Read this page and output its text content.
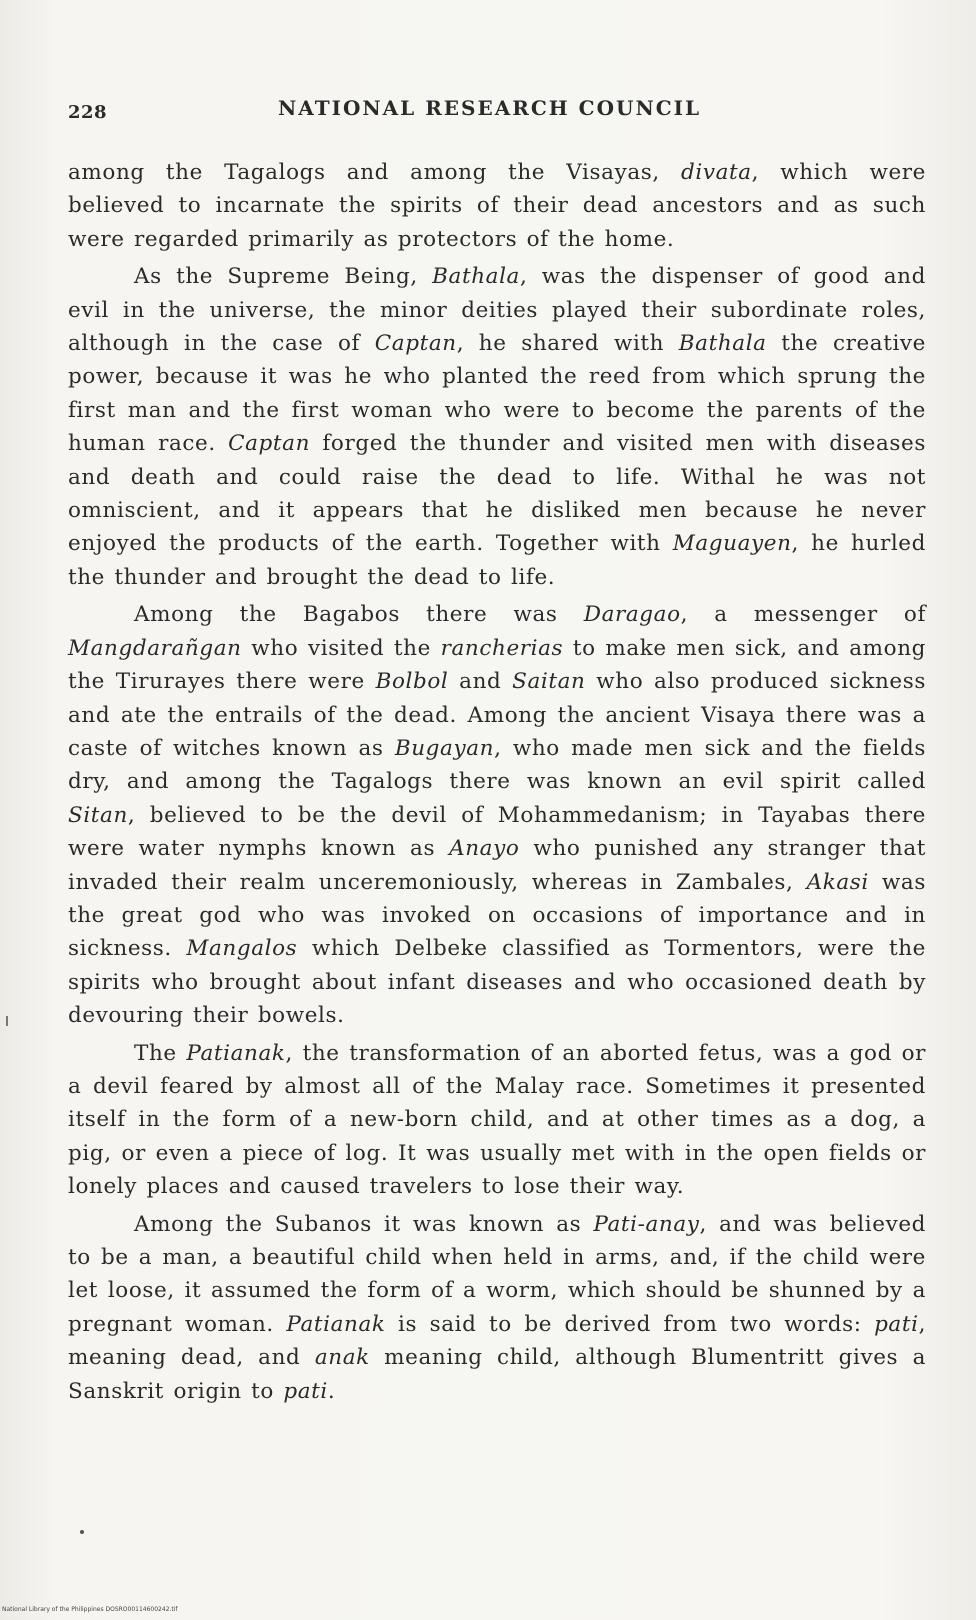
228	NATIONAL RESEARCH COUNCIL

among the Tagalogs and among the Visayas, divata, which were believed to incarnate the spirits of their dead ancestors and as such were regarded primarily as protectors of the home.

As the Supreme Being, Bathala, was the dispenser of good and evil in the universe, the minor deities played their subordinate roles, although in the case of Captan, he shared with Bathala the creative power, because it was he who planted the reed from which sprung the first man and the first woman who were to become the parents of the human race. Captan forged the thunder and visited men with diseases and death and could raise the dead to life. Withal he was not omniscient, and it appears that he disliked men because he never enjoyed the products of the earth. Together with Maguayen, he hurled the thunder and brought the dead to life.

Among the Bagabos there was Daragao, a messenger of Mangdarañgan who visited the rancherias to make men sick, and among the Tirurayes there were Bolbol and Saitan who also produced sickness and ate the entrails of the dead. Among the ancient Visaya there was a caste of witches known as Bugayan, who made men sick and the fields dry, and among the Tagalogs there was known an evil spirit called Sitan, believed to be the devil of Mohammedanism; in Tayabas there were water nymphs known as Anayo who punished any stranger that invaded their realm unceremoniously, whereas in Zambales, Akasi was the great god who was invoked on occasions of importance and in sickness. Mangalos which Delbeke classified as Tormentors, were the spirits who brought about infant diseases and who occasioned death by devouring their bowels.

The Patianak, the transformation of an aborted fetus, was a god or a devil feared by almost all of the Malay race. Sometimes it presented itself in the form of a new-born child, and at other times as a dog, a pig, or even a piece of log. It was usually met with in the open fields or lonely places and caused travelers to lose their way.

Among the Subanos it was known as Pati-anay, and was believed to be a man, a beautiful child when held in arms, and, if the child were let loose, it assumed the form of a worm, which should be shunned by a pregnant woman. Patianak is said to be derived from two words: pati, meaning dead, and anak meaning child, although Blumentritt gives a Sanskrit origin to pati.

National Library of the Philippines DOSRO00114600242.tif
